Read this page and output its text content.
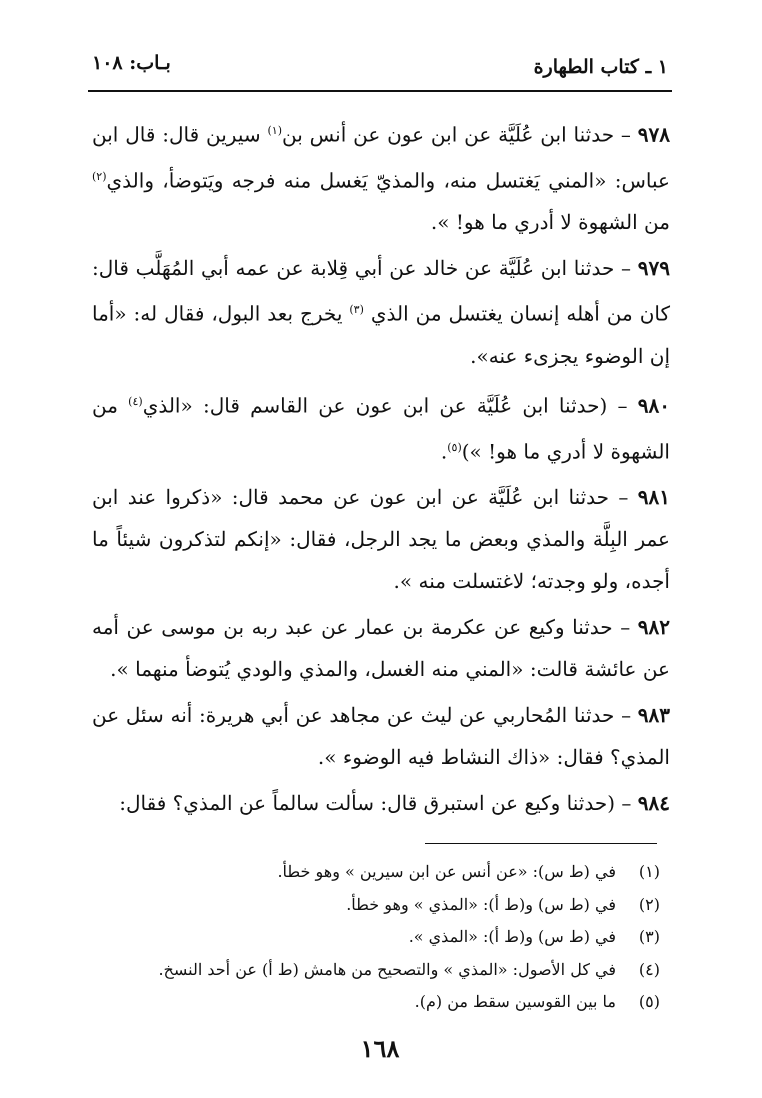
١ ـ كتاب الطهارة
بـاب: ١٠٨

٩٧٨ – حدثنا ابن عُلَيَّة عن ابن عون عن أنس بن$^{(١)}$ سيرين قال: قال ابن عباس: «المني يَغتسل منه، والمذيّ يَغسل منه فرجه ويَتوضأ، والذي$^{(٢)}$ من الشهوة لا أدري ما هو! ».

٩٧٩ – حدثنا ابن عُلَيَّة عن خالد عن أبي قِلابة عن عمه أبي المُهَلَّب قال: كان من أهله إنسان يغتسل من الذي $^{(٣)}$ يخرج بعد البول، فقال له: «أما إن الوضوء يجزىء عنه».

٩٨٠ – (حدثنا ابن عُلَيَّة عن ابن عون عن القاسم قال: «الذي$^{(٤)}$ من الشهوة لا أدري ما هو! »)$^{(٥)}$.

٩٨١ – حدثنا ابن عُلَيَّة عن ابن عون عن محمد قال: «ذكروا عند ابن عمر البِلَّة والمذي وبعض ما يجد الرجل، فقال: «إنكم لتذكرون شيئاً ما أجده، ولو وجدته؛ لاغتسلت منه ».

٩٨٢ – حدثنا وكيع عن عكرمة بن عمار عن عبد ربه بن موسى عن أمه عن عائشة قالت: «المني منه الغسل، والمذي والودي يُتوضأ منهما ».

٩٨٣ – حدثنا المُحاربي عن ليث عن مجاهد عن أبي هريرة: أنه سئل عن المذي؟ فقال: «ذاك النشاط فيه الوضوء ».

٩٨٤ – (حدثنا وكيع عن استبرق قال: سألت سالماً عن المذي؟ فقال:

(١)في (ط س): «عن أنس عن ابن سيرين » وهو خطأ.
(٢)في (ط س) و(ط أ): «المذي » وهو خطأ.
(٣)في (ط س) و(ط أ): «المذي ».
(٤)في كل الأصول: «المذي » والتصحيح من هامش (ط أ) عن أحد النسخ.
(٥)ما بين القوسين سقط من (م).
١٦٨
